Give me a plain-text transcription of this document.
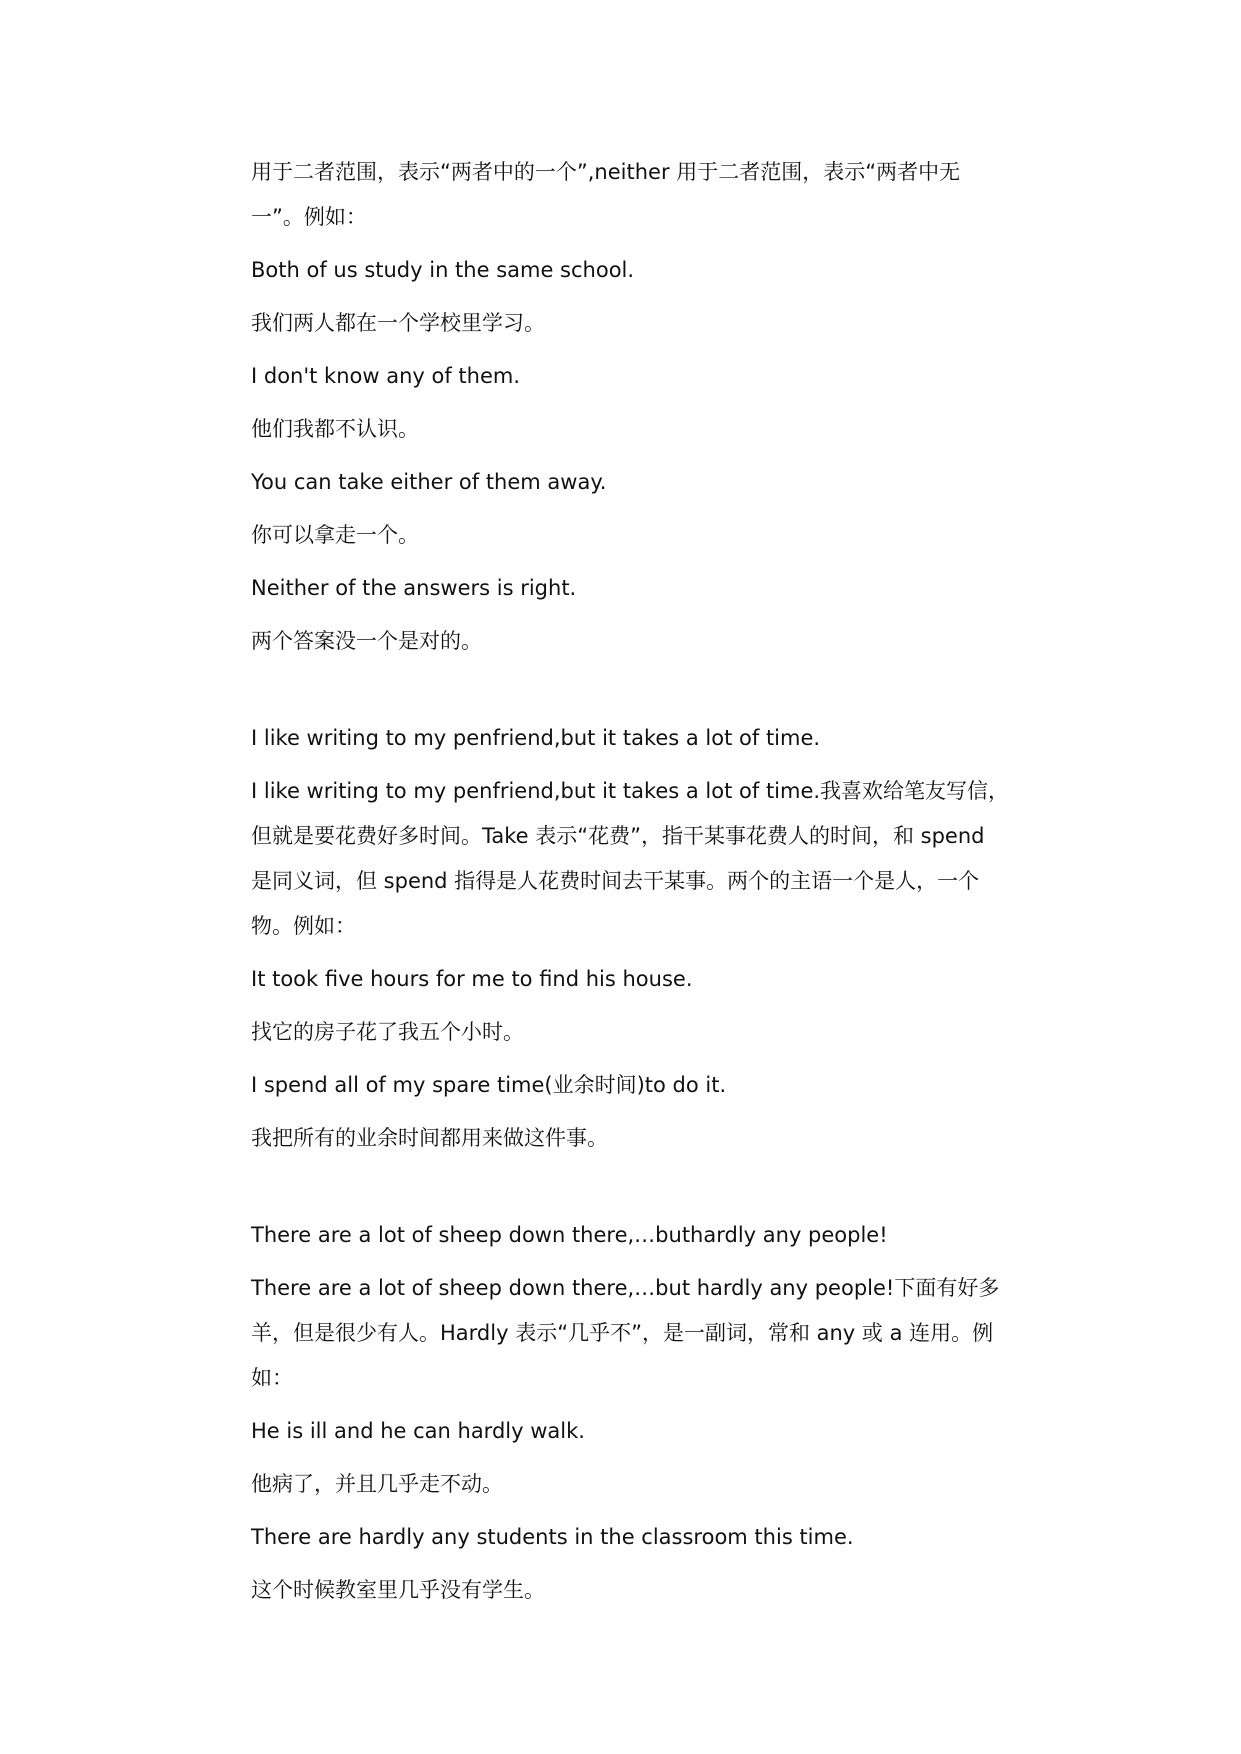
用于二者范围，表示“两者中的一个”,neither 用于二者范围，表示“两者中无一”。例如：

Both of us study in the same school.

我们两人都在一个学校里学习。

I don't know any of them.

他们我都不认识。

You can take either of them away.

你可以拿走一个。

Neither of the answers is right.

两个答案没一个是对的。

I like writing to my penfriend,but it takes a lot of time.

I like writing to my penfriend,but it takes a lot of time.我喜欢给笔友写信，但就是要花费好多时间。Take 表示“花费”，指干某事花费人的时间，和 spend 是同义词，但 spend 指得是人花费时间去干某事。两个的主语一个是人，一个物。例如：

It took five hours for me to find his house.

找它的房子花了我五个小时。

I spend all of my spare time(业余时间)to do it.

我把所有的业余时间都用来做这件事。

There are a lot of sheep down there,…buthardly any people!

There are a lot of sheep down there,…but hardly any people!下面有好多羊，但是很少有人。Hardly 表示“几乎不”，是一副词，常和 any 或 a 连用。例如：

He is ill and he can hardly walk.

他病了，并且几乎走不动。

There are hardly any students in the classroom this time.

这个时候教室里几乎没有学生。
